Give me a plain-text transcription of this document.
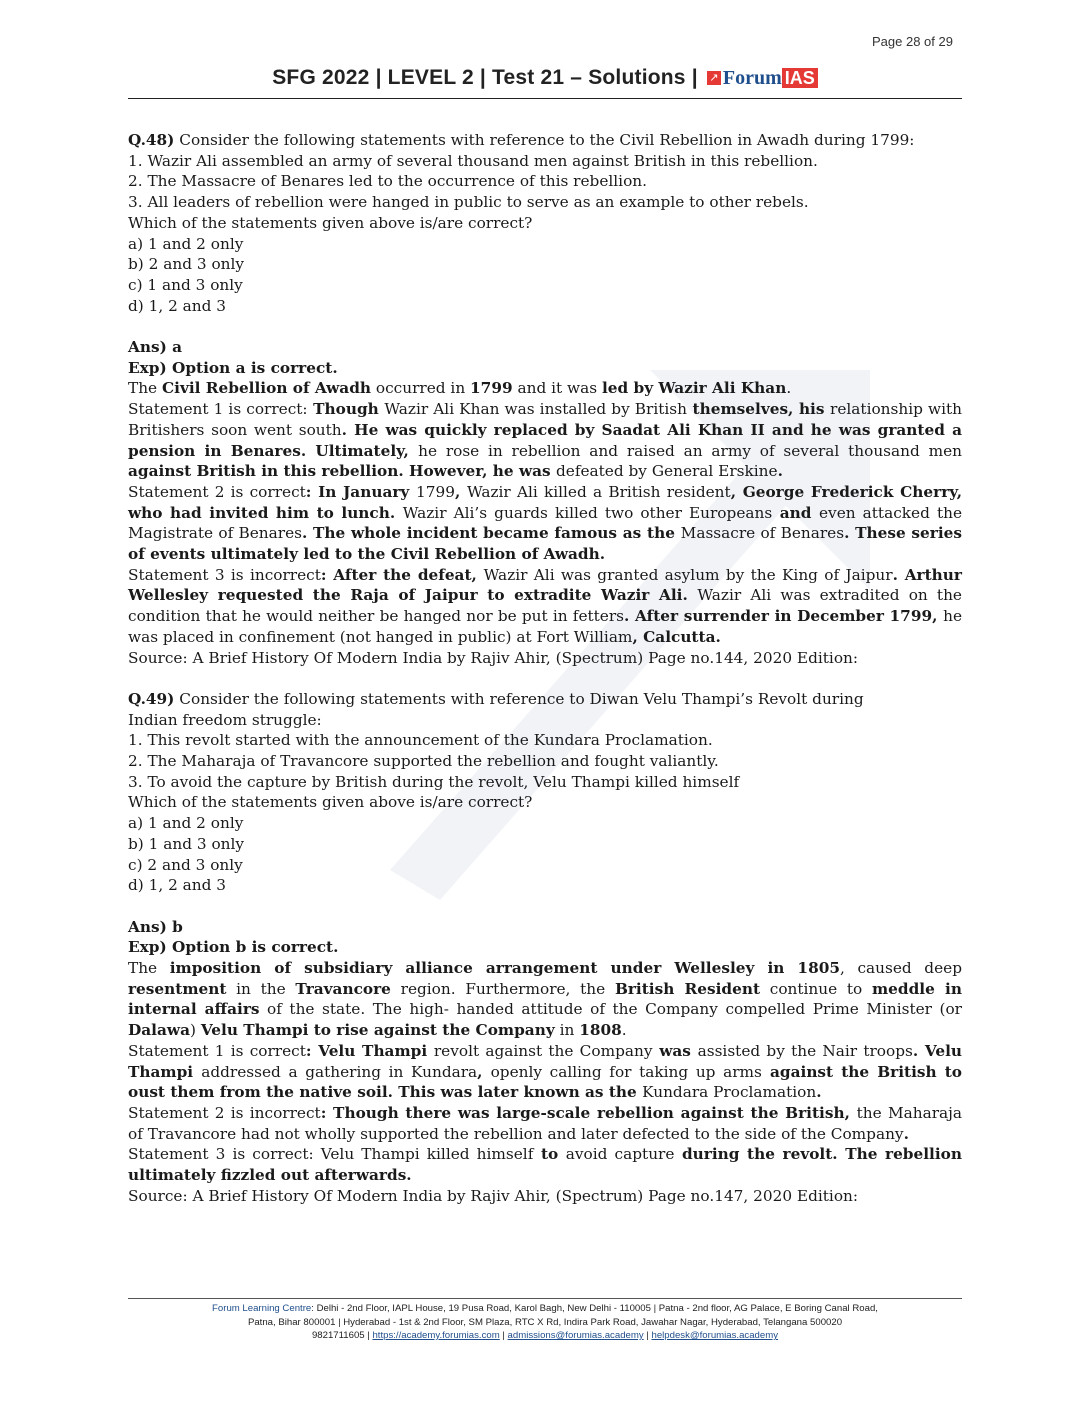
Page 28 of 29
SFG 2022 | LEVEL 2 | Test 21 – Solutions | ↗ Forum IAS

Q.48) Consider the following statements with reference to the Civil Rebellion in Awadh during 1799:

1. Wazir Ali assembled an army of several thousand men against British in this rebellion.

2. The Massacre of Benares led to the occurrence of this rebellion.

3. All leaders of rebellion were hanged in public to serve as an example to other rebels.

Which of the statements given above is/are correct?

a) 1 and 2 only

b) 2 and 3 only

c) 1 and 3 only

d) 1, 2 and 3

Ans) a

Exp) Option a is correct.

The Civil Rebellion of Awadh occurred in 1799 and it was led by Wazir Ali Khan.

Statement 1 is correct: Though Wazir Ali Khan was installed by British themselves, his relationship with Britishers soon went south. He was quickly replaced by Saadat Ali Khan II and he was granted a pension in Benares. Ultimately, he rose in rebellion and raised an army of several thousand men against British in this rebellion. However, he was defeated by General Erskine.

Statement 2 is correct: In January 1799, Wazir Ali killed a British resident, George Frederick Cherry, who had invited him to lunch. Wazir Ali’s guards killed two other Europeans and even attacked the Magistrate of Benares. The whole incident became famous as the Massacre of Benares. These series of events ultimately led to the Civil Rebellion of Awadh.

Statement 3 is incorrect: After the defeat, Wazir Ali was granted asylum by the King of Jaipur. Arthur Wellesley requested the Raja of Jaipur to extradite Wazir Ali. Wazir Ali was extradited on the condition that he would neither be hanged nor be put in fetters. After surrender in December 1799, he was placed in confinement (not hanged in public) at Fort William, Calcutta.

Source: A Brief History Of Modern India by Rajiv Ahir, (Spectrum) Page no.144, 2020 Edition:

Q.49) Consider the following statements with reference to Diwan Velu Thampi’s Revolt during

Indian freedom struggle:

1. This revolt started with the announcement of the Kundara Proclamation.

2. The Maharaja of Travancore supported the rebellion and fought valiantly.

3. To avoid the capture by British during the revolt, Velu Thampi killed himself

Which of the statements given above is/are correct?

a) 1 and 2 only

b) 1 and 3 only

c) 2 and 3 only

d) 1, 2 and 3

Ans) b

Exp) Option b is correct.

The imposition of subsidiary alliance arrangement under Wellesley in 1805, caused deep resentment in the Travancore region. Furthermore, the British Resident continue to meddle in internal affairs of the state. The high- handed attitude of the Company compelled Prime Minister (or Dalawa) Velu Thampi to rise against the Company in 1808.

Statement 1 is correct: Velu Thampi revolt against the Company was assisted by the Nair troops. Velu Thampi addressed a gathering in Kundara, openly calling for taking up arms against the British to oust them from the native soil. This was later known as the Kundara Proclamation.

Statement 2 is incorrect: Though there was large-scale rebellion against the British, the Maharaja of Travancore had not wholly supported the rebellion and later defected to the side of the Company.

Statement 3 is correct: Velu Thampi killed himself to avoid capture during the revolt. The rebellion ultimately fizzled out afterwards.

Source: A Brief History Of Modern India by Rajiv Ahir, (Spectrum) Page no.147, 2020 Edition:

Forum Learning Centre: Delhi - 2nd Floor, IAPL House, 19 Pusa Road, Karol Bagh, New Delhi - 110005 | Patna - 2nd floor, AG Palace, E Boring Canal Road,
Patna, Bihar 800001 | Hyderabad - 1st & 2nd Floor, SM Plaza, RTC X Rd, Indira Park Road, Jawahar Nagar, Hyderabad, Telangana 500020
9821711605 | https://academy.forumias.com | admissions@forumias.academy | helpdesk@forumias.academy
